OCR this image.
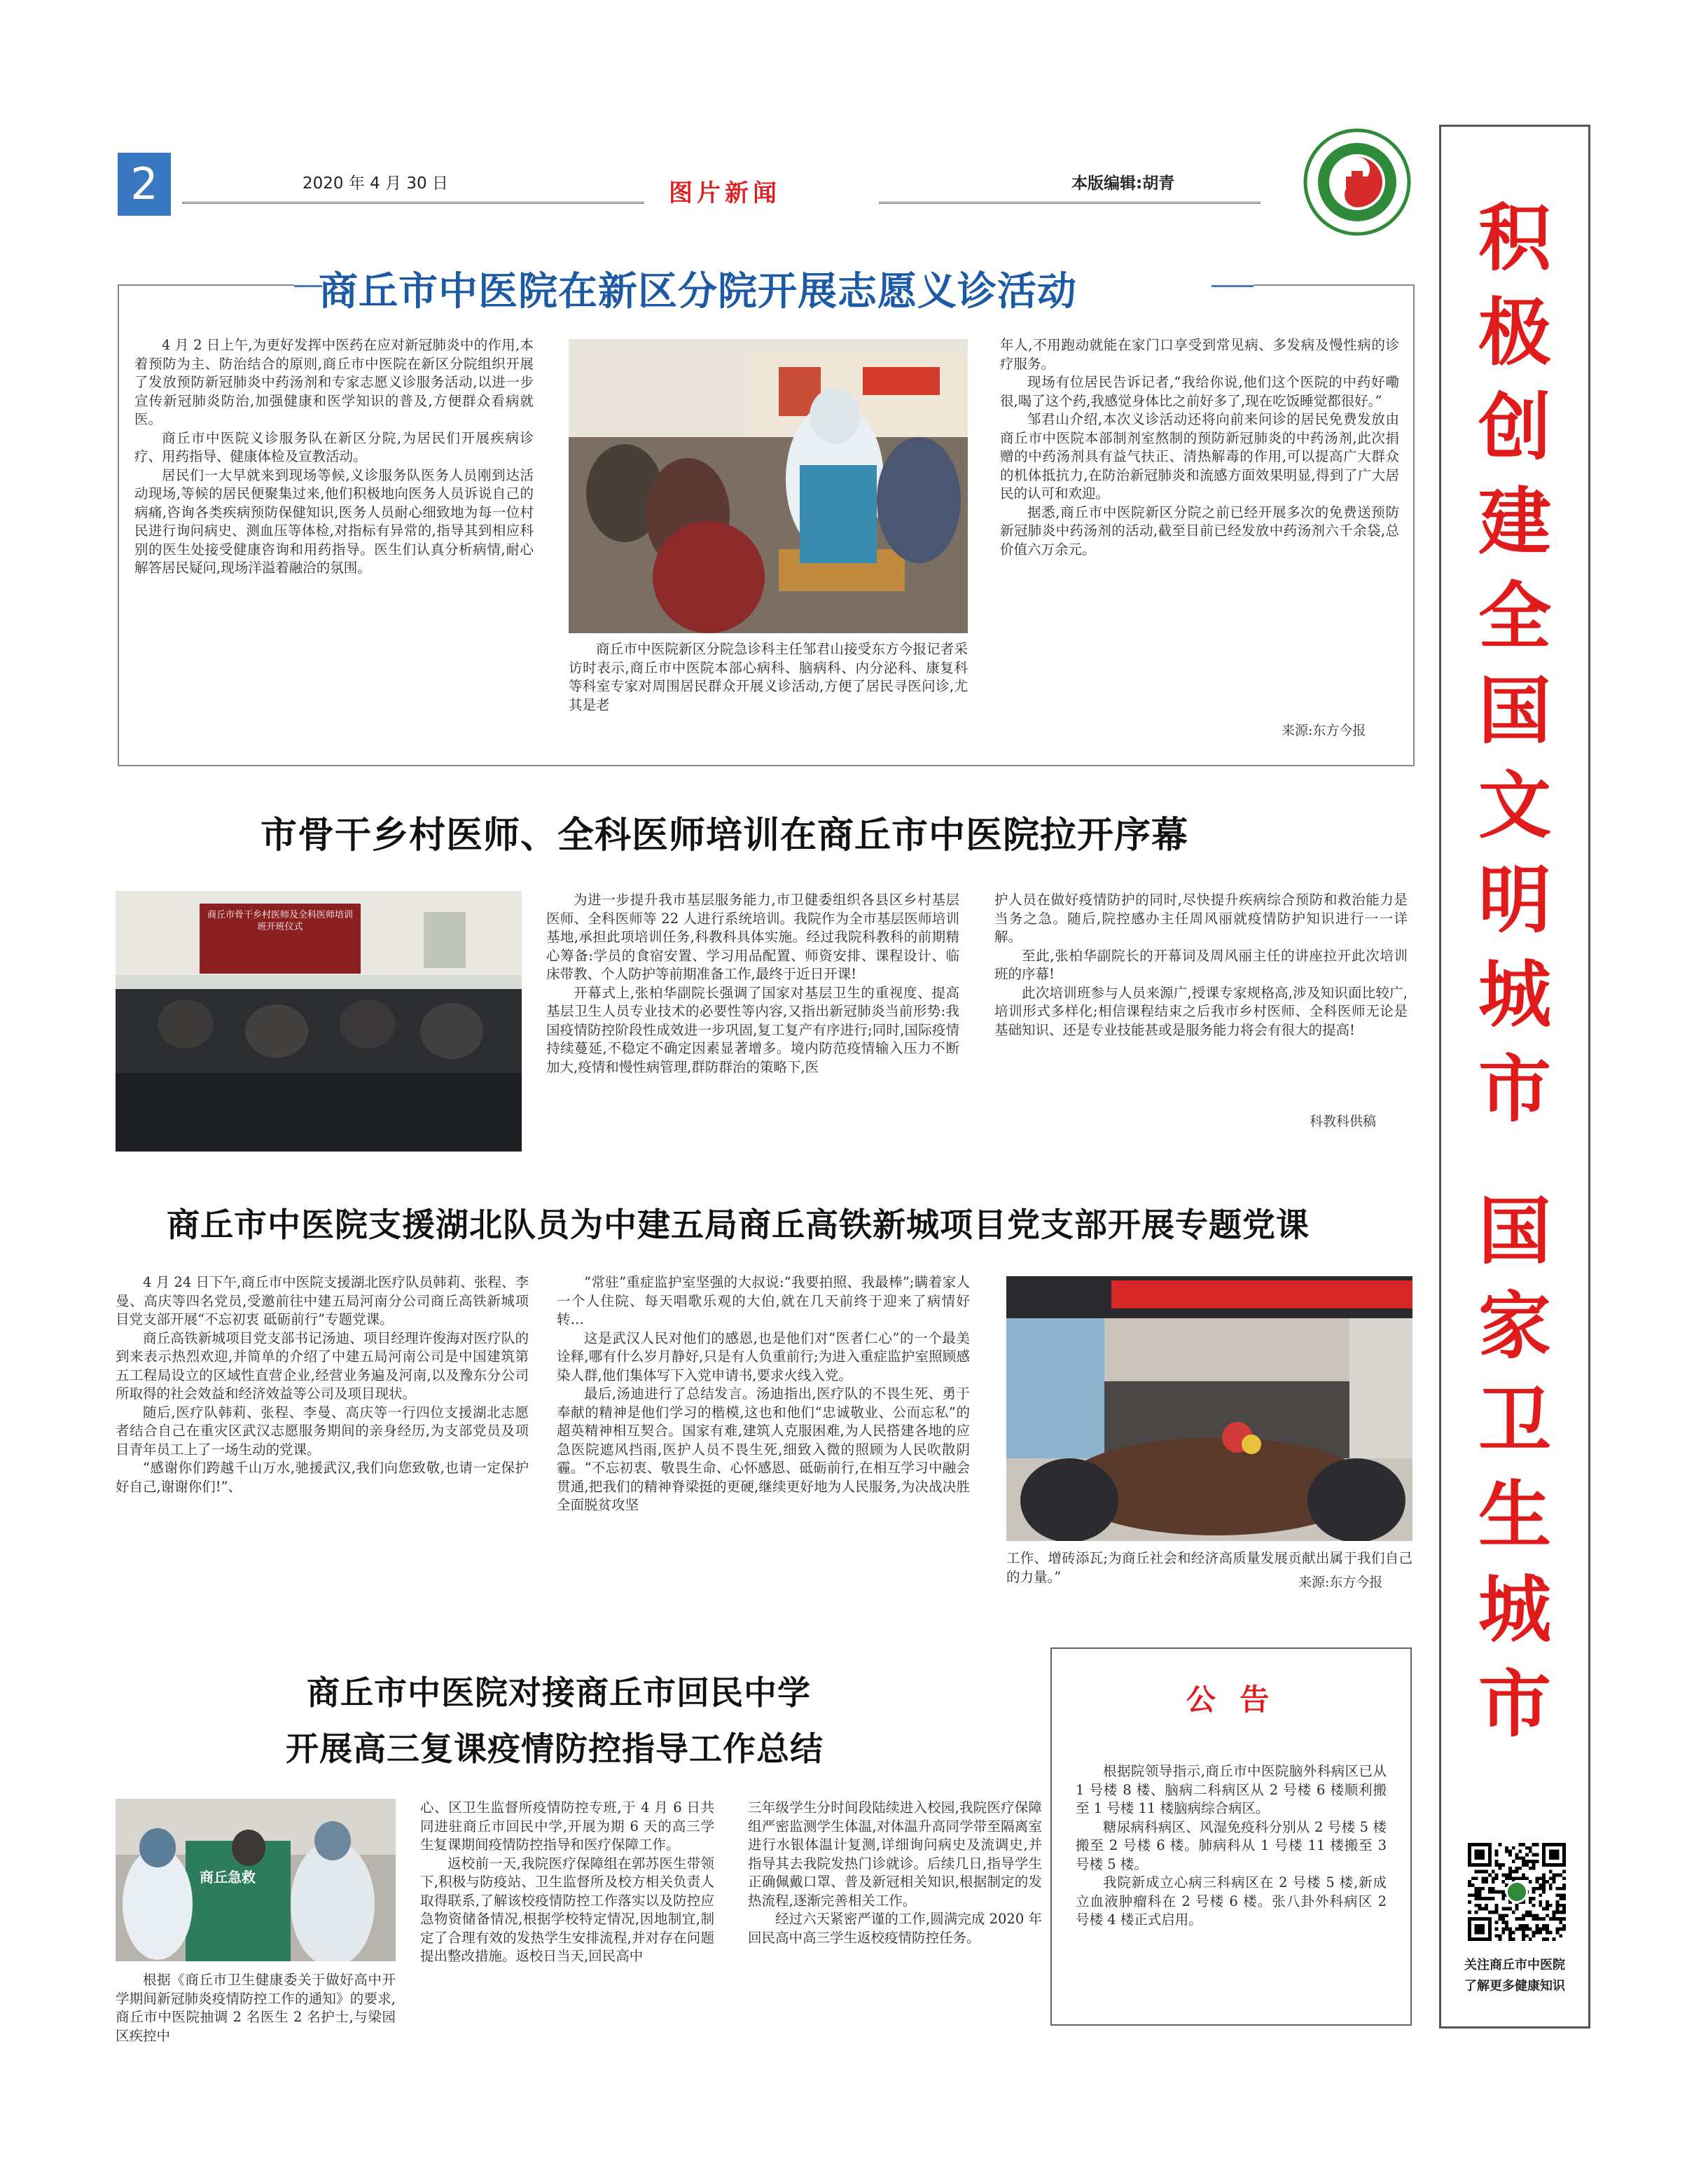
2	2020 年 4 月 30 日	图片新闻	本版编辑:胡青
积
极
创
建
全
国
文
明
城
市
国
家
卫
生
城
市
关注商丘市中医院
了解更多健康知识
商丘市中医院在新区分院开展志愿义诊活动

4 月 2 日上午,为更好发挥中医药在应对新冠肺炎中的作用,本着预防为主、防治结合的原则,商丘市中医院在新区分院组织开展了发放预防新冠肺炎中药汤剂和专家志愿义诊服务活动,以进一步宣传新冠肺炎防治,加强健康和医学知识的普及,方便群众看病就医。

商丘市中医院义诊服务队在新区分院,为居民们开展疾病诊疗、用药指导、健康体检及宣教活动。

居民们一大早就来到现场等候,义诊服务队医务人员刚到达活动现场,等候的居民便聚集过来,他们积极地向医务人员诉说自己的病痛,咨询各类疾病预防保健知识,医务人员耐心细致地为每一位村民进行询问病史、测血压等体检,对指标有异常的,指导其到相应科别的医生处接受健康咨询和用药指导。医生们认真分析病情,耐心解答居民疑问,现场洋溢着融洽的氛围。

商丘市中医院新区分院急诊科主任邹君山接受东方今报记者采访时表示,商丘市中医院本部心病科、脑病科、内分泌科、康复科等科室专家对周围居民群众开展义诊活动,方便了居民寻医问诊,尤其是老

年人,不用跑动就能在家门口享受到常见病、多发病及慢性病的诊疗服务。

现场有位居民告诉记者,“我给你说,他们这个医院的中药好嘞很,喝了这个药,我感觉身体比之前好多了,现在吃饭睡觉都很好。”

邹君山介绍,本次义诊活动还将向前来问诊的居民免费发放由商丘市中医院本部制剂室熬制的预防新冠肺炎的中药汤剂,此次捐赠的中药汤剂具有益气扶正、清热解毒的作用,可以提高广大群众的机体抵抗力,在防治新冠肺炎和流感方面效果明显,得到了广大居民的认可和欢迎。

据悉,商丘市中医院新区分院之前已经开展多次的免费送预防新冠肺炎中药汤剂的活动,截至目前已经发放中药汤剂六千余袋,总价值六万余元。

来源:东方今报
市骨干乡村医师、全科医师培训在商丘市中医院拉开序幕
商丘市骨干乡村医师及全科医师培训班开班仪式

为进一步提升我市基层服务能力,市卫健委组织各县区乡村基层医师、全科医师等 22 人进行系统培训。我院作为全市基层医师培训基地,承担此项培训任务,科教科具体实施。经过我院科教科的前期精心筹备:学员的食宿安置、学习用品配置、师资安排、课程设计、临床带教、个人防护等前期准备工作,最终于近日开课!

开幕式上,张柏华副院长强调了国家对基层卫生的重视度、提高基层卫生人员专业技术的必要性等内容,又指出新冠肺炎当前形势:我国疫情防控阶段性成效进一步巩固,复工复产有序进行;同时,国际疫情持续蔓延,不稳定不确定因素显著增多。境内防范疫情输入压力不断加大,疫情和慢性病管理,群防群治的策略下,医

护人员在做好疫情防护的同时,尽快提升疾病综合预防和救治能力是当务之急。随后,院控感办主任周风丽就疫情防护知识进行一一详解。

至此,张柏华副院长的开幕词及周风丽主任的讲座拉开此次培训班的序幕!

此次培训班参与人员来源广,授课专家规格高,涉及知识面比较广,培训形式多样化;相信课程结束之后我市乡村医师、全科医师无论是基础知识、还是专业技能甚或是服务能力将会有很大的提高!

科教科供稿
商丘市中医院支援湖北队员为中建五局商丘高铁新城项目党支部开展专题党课

4 月 24 日下午,商丘市中医院支援湖北医疗队员韩莉、张程、李曼、高庆等四名党员,受邀前往中建五局河南分公司商丘高铁新城项目党支部开展“不忘初衷 砥砺前行”专题党课。

商丘高铁新城项目党支部书记汤迪、项目经理许俊海对医疗队的到来表示热烈欢迎,并简单的介绍了中建五局河南公司是中国建筑第五工程局设立的区域性直营企业,经营业务遍及河南,以及豫东分公司所取得的社会效益和经济效益等公司及项目现状。

随后,医疗队韩莉、张程、李曼、高庆等一行四位支援湖北志愿者结合自己在重灾区武汉志愿服务期间的亲身经历,为支部党员及项目青年员工上了一场生动的党课。

“感谢你们跨越千山万水,驰援武汉,我们向您致敬,也请一定保护好自己,谢谢你们!”、

“常驻”重症监护室坚强的大叔说:“我要拍照、我最棒”;瞒着家人一个人住院、每天唱歌乐观的大伯,就在几天前终于迎来了病情好转…

这是武汉人民对他们的感恩,也是他们对“医者仁心”的一个最美诠释,哪有什么岁月静好,只是有人负重前行;为进入重症监护室照顾感染人群,他们集体写下入党申请书,要求火线入党。

最后,汤迪进行了总结发言。汤迪指出,医疗队的不畏生死、勇于奉献的精神是他们学习的楷模,这也和他们“忠诚敬业、公而忘私”的超英精神相互契合。国家有难,建筑人克服困难,为人民搭建各地的应急医院遮风挡雨,医护人员不畏生死,细致入微的照顾为人民吹散阴霾。“不忘初衷、敬畏生命、心怀感恩、砥砺前行,在相互学习中融会贯通,把我们的精神脊梁挺的更硬,继续更好地为人民服务,为决战决胜全面脱贫攻坚

工作、增砖添瓦;为商丘社会和经济高质量发展贡献出属于我们自己的力量。”	来源:东方今报
商丘市中医院对接商丘市回民中学
开展高三复课疫情防控指导工作总结
商丘急救

根据《商丘市卫生健康委关于做好高中开学期间新冠肺炎疫情防控工作的通知》的要求,商丘市中医院抽调 2 名医生 2 名护士,与梁园区疾控中

心、区卫生监督所疫情防控专班,于 4 月 6 日共同进驻商丘市回民中学,开展为期 6 天的高三学生复课期间疫情防控指导和医疗保障工作。

返校前一天,我院医疗保障组在郭苏医生带领下,积极与防疫站、卫生监督所及校方相关负责人取得联系,了解该校疫情防控工作落实以及防控应急物资储备情况,根据学校特定情况,因地制宜,制定了合理有效的发热学生安排流程,并对存在问题提出整改措施。返校日当天,回民高中

三年级学生分时间段陆续进入校园,我院医疗保障组严密监测学生体温,对体温升高同学带至隔离室进行水银体温计复测,详细询问病史及流调史,并指导其去我院发热门诊就诊。后续几日,指导学生正确佩戴口罩、普及新冠相关知识,根据制定的发热流程,逐渐完善相关工作。

经过六天紧密严谨的工作,圆满完成 2020 年回民高中高三学生返校疫情防控任务。

公 告

根据院领导指示,商丘市中医院脑外科病区已从 1 号楼 8 楼、脑病二科病区从 2 号楼 6 楼顺利搬至 1 号楼 11 楼脑病综合病区。

糖尿病科病区、风湿免疫科分别从 2 号楼 5 楼搬至 2 号楼 6 楼。肺病科从 1 号楼 11 楼搬至 3 号楼 5 楼。

我院新成立心病三科病区在 2 号楼 5 楼,新成立血液肿瘤科在 2 号楼 6 楼。张八卦外科病区 2 号楼 4 楼正式启用。
